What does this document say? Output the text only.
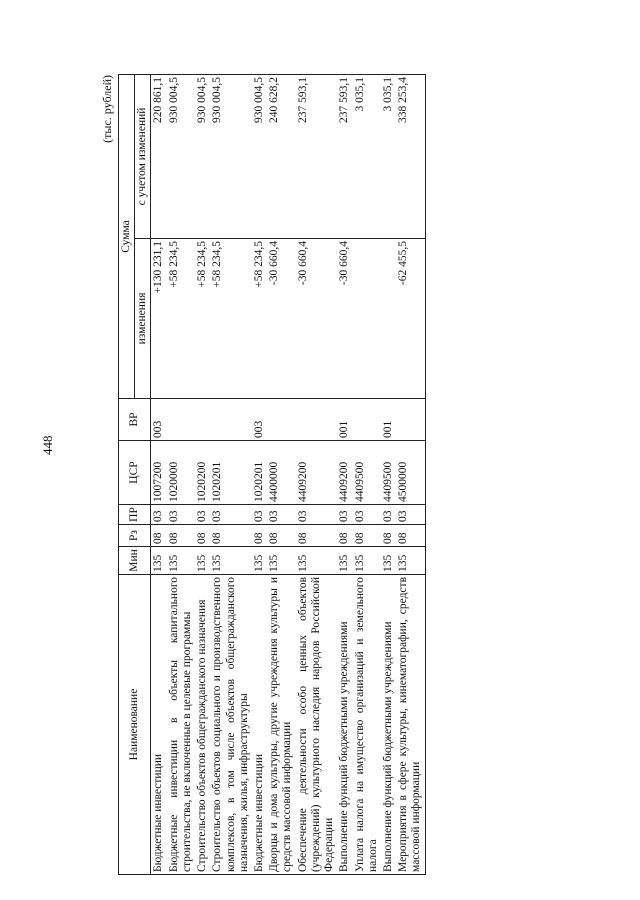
448
(тыс. рублей)
Наименование	Мин	Рз	ПР	ЦСР	ВР	Сумма	
						изменения	с учетом изменений
Бюджетные инвестиции	135	08	03	1007200	003	+130 231,1	220 861,1
Бюджетные инвестиции в объекты капитального строительства, не включенные в целевые программы	135	08	03	1020000		+58 234,5	930 004,5
Строительство объектов общегражданского назначения	135	08	03	1020200		+58 234,5	930 004,5
Строительство объектов социального и производственного комплексов, в том числе объектов общегражданского назначения, жилья, инфраструктуры	135	08	03	1020201		+58 234,5	930 004,5
Бюджетные инвестиции	135	08	03	1020201	003	+58 234,5	930 004,5
Дворцы и дома культуры, другие учреждения культуры и средств массовой информации	135	08	03	4400000		-30 660,4	240 628,2
Обеспечение деятельности особо ценных объектов (учреждений) культурного наследия народов Российской Федерации	135	08	03	4409200		-30 660,4	237 593,1
Выполнение функций бюджетными учреждениями	135	08	03	4409200	001	-30 660,4	237 593,1
Уплата налога на имущество организаций и земельного налога	135	08	03	4409500			3 035,1
Выполнение функций бюджетными учреждениями	135	08	03	4409500	001		3 035,1
Мероприятия в сфере культуры, кинематографии, средств массовой информации	135	08	03	4500000		-62 455,5	338 253,4
